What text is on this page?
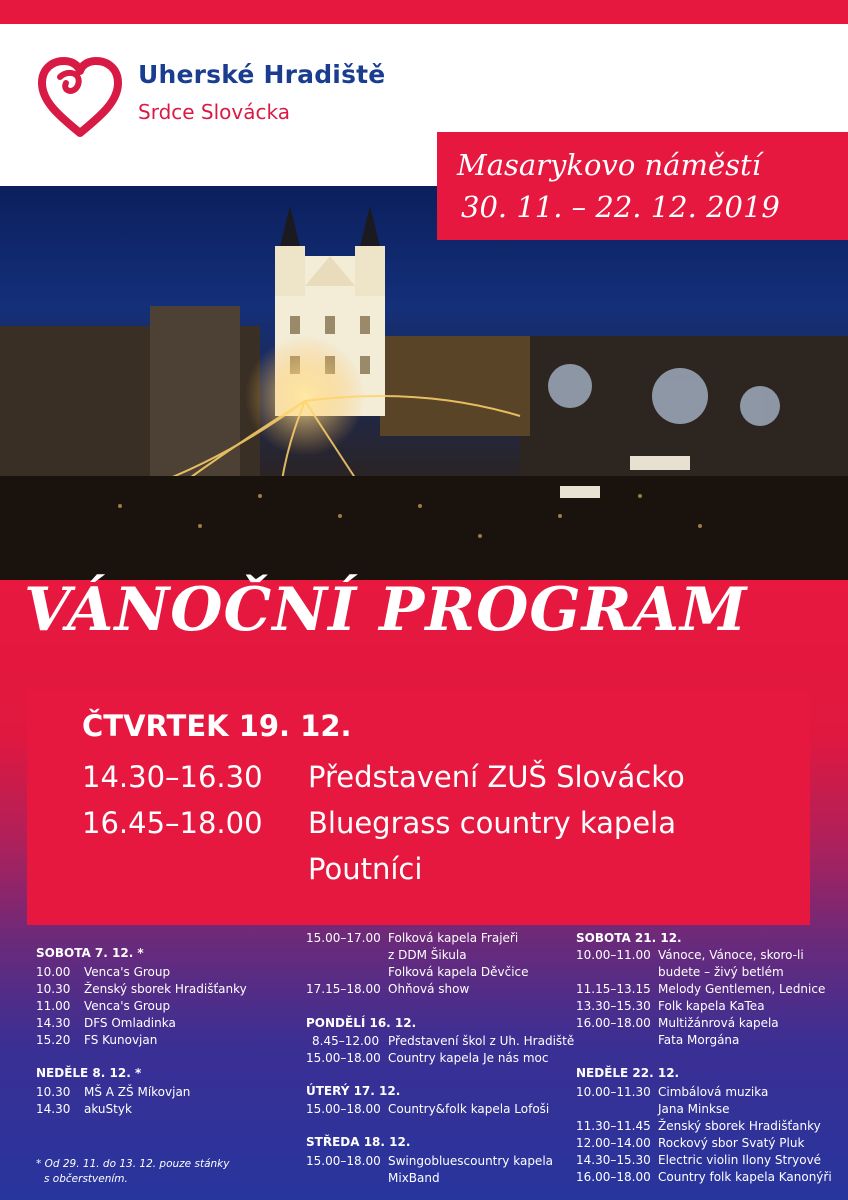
Uherské Hradiště
Srdce Slovácka
Masarykovo náměstí
30. 11. – 22. 12. 2019
VÁNOČNÍ PROGRAM
ČTVRTEK 19. 12.
14.30–16.30 Představení ZUŠ Slovácko
16.45–18.00 Bluegrass country kapela
Poutníci
SOBOTA 7. 12. *
10.00 Venca's Group
10.30 Ženský sborek Hradišťanky
11.00 Venca's Group
14.30 DFS Omladinka
15.20 FS Kunovjan
NEDĚLE 8. 12. *
10.30 MŠ A ZŠ Míkovjan
14.30 akuStyk
* Od 29. 11. do 13. 12. pouze stánky
s občerstvením.
15.00–17.00 Folková kapela Frajeři
z DDM Šikula
Folková kapela Děvčice
17.15–18.00 Ohňová show
PONDĚLÍ 16. 12.
8.45–12.00 Představení škol z Uh. Hradiště
15.00–18.00 Country kapela Je nás moc
ÚTERÝ 17. 12.
15.00–18.00 Country&folk kapela Lofoši
STŘEDA 18. 12.
15.00–18.00 Swingobluescountry kapela
MixBand
SOBOTA 21. 12.
10.00–11.00 Vánoce, Vánoce, skoro-li
budete – živý betlém
11.15–13.15 Melody Gentlemen, Lednice
13.30–15.30 Folk kapela KaTea
16.00–18.00 Multižánrová kapela
Fata Morgána
NEDĚLE 22. 12.
10.00–11.30 Cimbálová muzika
Jana Minkse
11.30–11.45 Ženský sborek Hradišťanky
12.00–14.00 Rockový sbor Svatý Pluk
14.30–15.30 Electric violin Ilony Stryové
16.00–18.00 Country folk kapela Kanonýři
